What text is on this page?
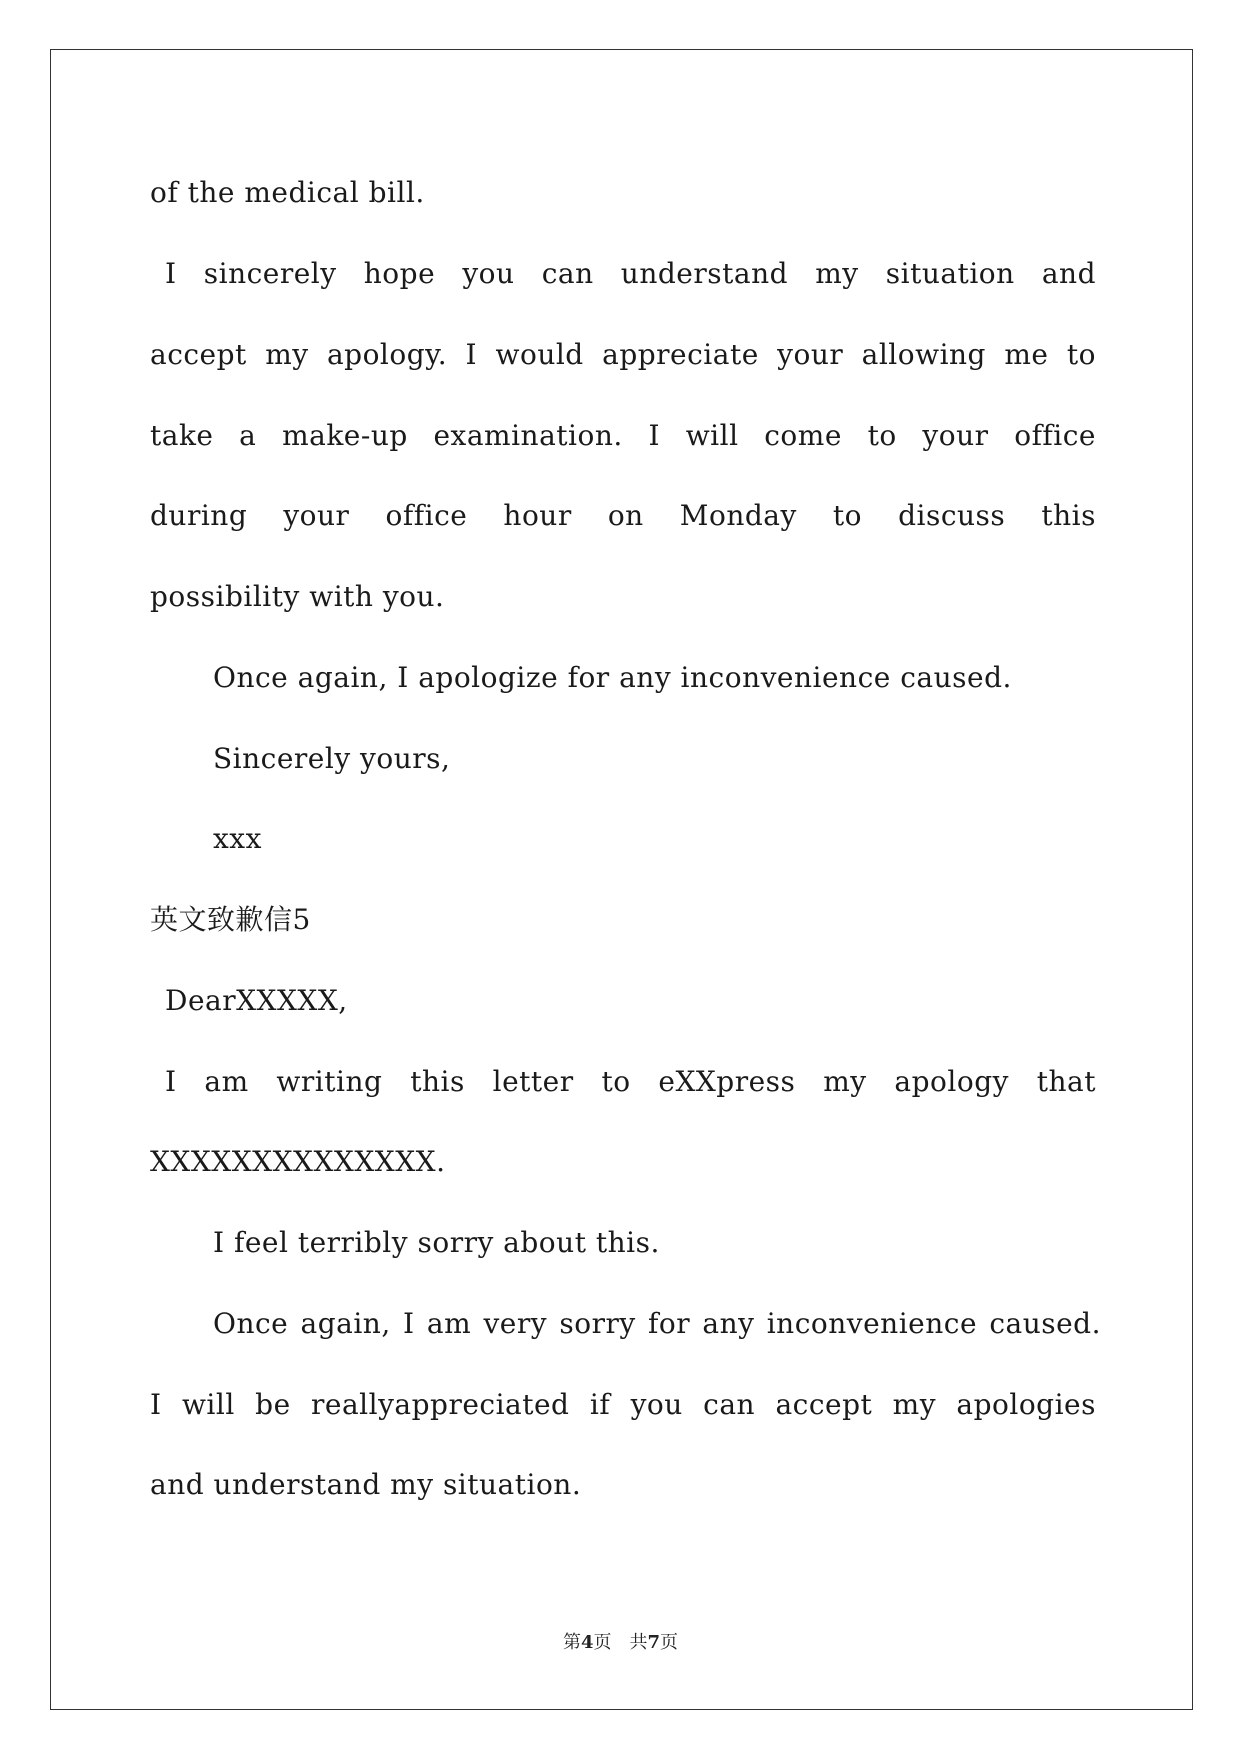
of the medical bill.
I sincerely hope you can understand my situation and
accept my apology. I would appreciate your allowing me to
take a make-up examination. I will come to your office
during your office hour on Monday to discuss this
possibility with you.
Once again, I apologize for any inconvenience caused.
Sincerely yours,
xxx
英文致歉信5
DearXXXXX,
I am writing this letter to eXXpress my apology that
XXXXXXXXXXXXXX.
I feel terribly sorry about this.
Once again, I am very sorry for any inconvenience caused.
I will be reallyappreciated if you can accept my apologies
and understand my situation.
第4页 共7页
